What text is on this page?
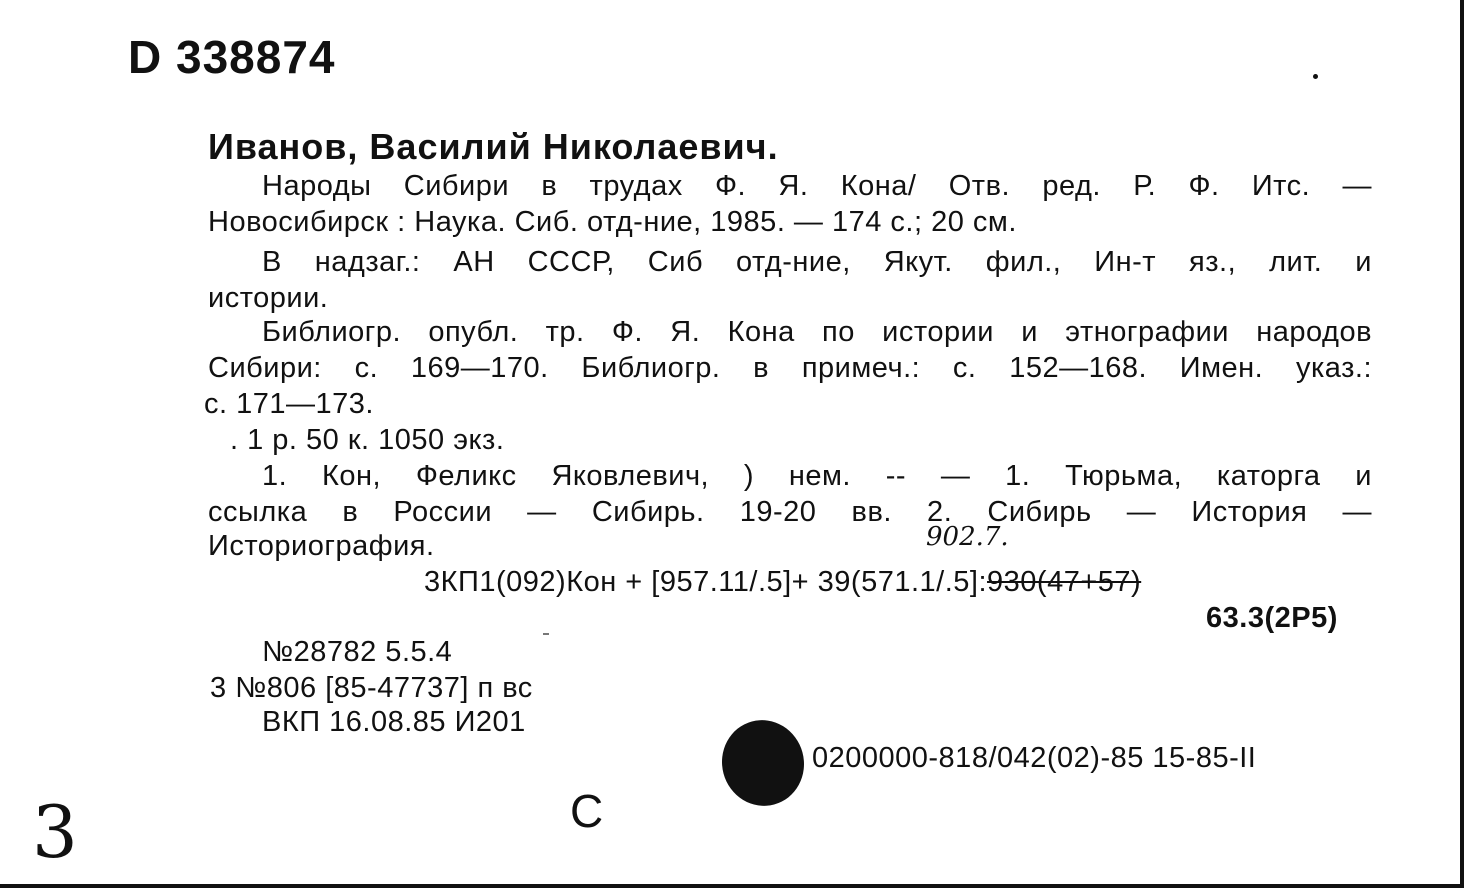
D 338874
Иванов, Василий Николаевич.
Народы Сибири в трудах Ф. Я. Кона/ Отв. ред. Р. Ф. Итс. —
Новосибирск : Наука. Сиб. отд-ние, 1985. — 174 с.; 20 см.
В надзаг.: АН СССР, Сиб отд-ние, Якут. фил., Ин-т яз., лит. и
истории.
Библиогр. опубл. тр. Ф. Я. Кона по истории и этнографии народов
Сибири: с. 169—170. Библиогр. в примеч.: с. 152—168. Имен. указ.:
с. 171—173.
. 1 р. 50 к. 1050 экз.
1. Кон, Феликс Яковлевич, ) нем. -- — 1. Тюрьма, каторга и
ссылка в России — Сибирь. 19-20 вв. 2. Сибирь — История —
Историография.	902.7.
3КП1(092)Кон + [957.11/.5]+ 39(571.1/.5]:930(47+57)
63.3(2Р5)
№28782 5.5.4
3 №806 [85-47737] п вс
ВКП 16.08.85 И201
0200000-818/042(02)-85 15-85-II
С
3
